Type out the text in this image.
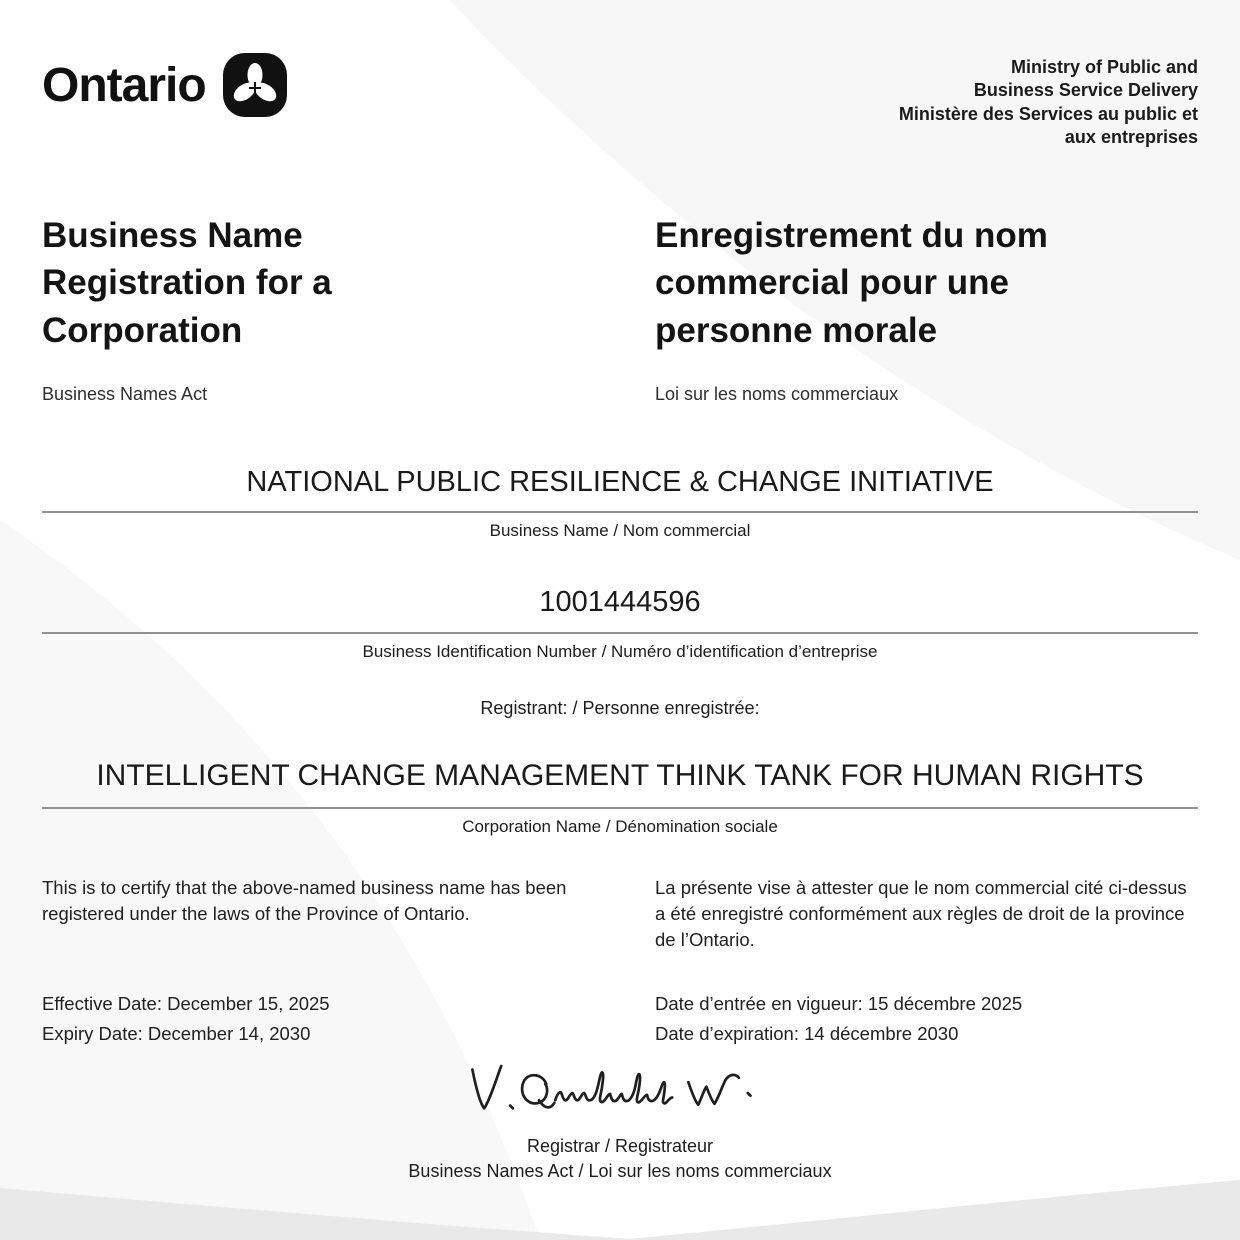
Ontario	Ministry of Public and
Business Service Delivery
Ministère des Services au public et
aux entreprises
Business Name Registration for a Corporation
Enregistrement du nom commercial pour une personne morale
Business Names Act	Loi sur les noms commerciaux
NATIONAL PUBLIC RESILIENCE & CHANGE INITIATIVE
Business Name / Nom commercial
1001444596
Business Identification Number / Numéro d’identification d’entreprise
Registrant: / Personne enregistrée:
INTELLIGENT CHANGE MANAGEMENT THINK TANK FOR HUMAN RIGHTS
Corporation Name / Dénomination sociale

This is to certify that the above-named business name has been registered under the laws of the Province of Ontario.

La présente vise à attester que le nom commercial cité ci-dessus a été enregistré conformément aux règles de droit de la province de l’Ontario.

Effective Date: December 15, 2025
Expiry Date: December 14, 2030
Date d’entrée en vigueur: 15 décembre 2025
Date d’expiration: 14 décembre 2030
Registrar / Registrateur
Business Names Act / Loi sur les noms commerciaux
